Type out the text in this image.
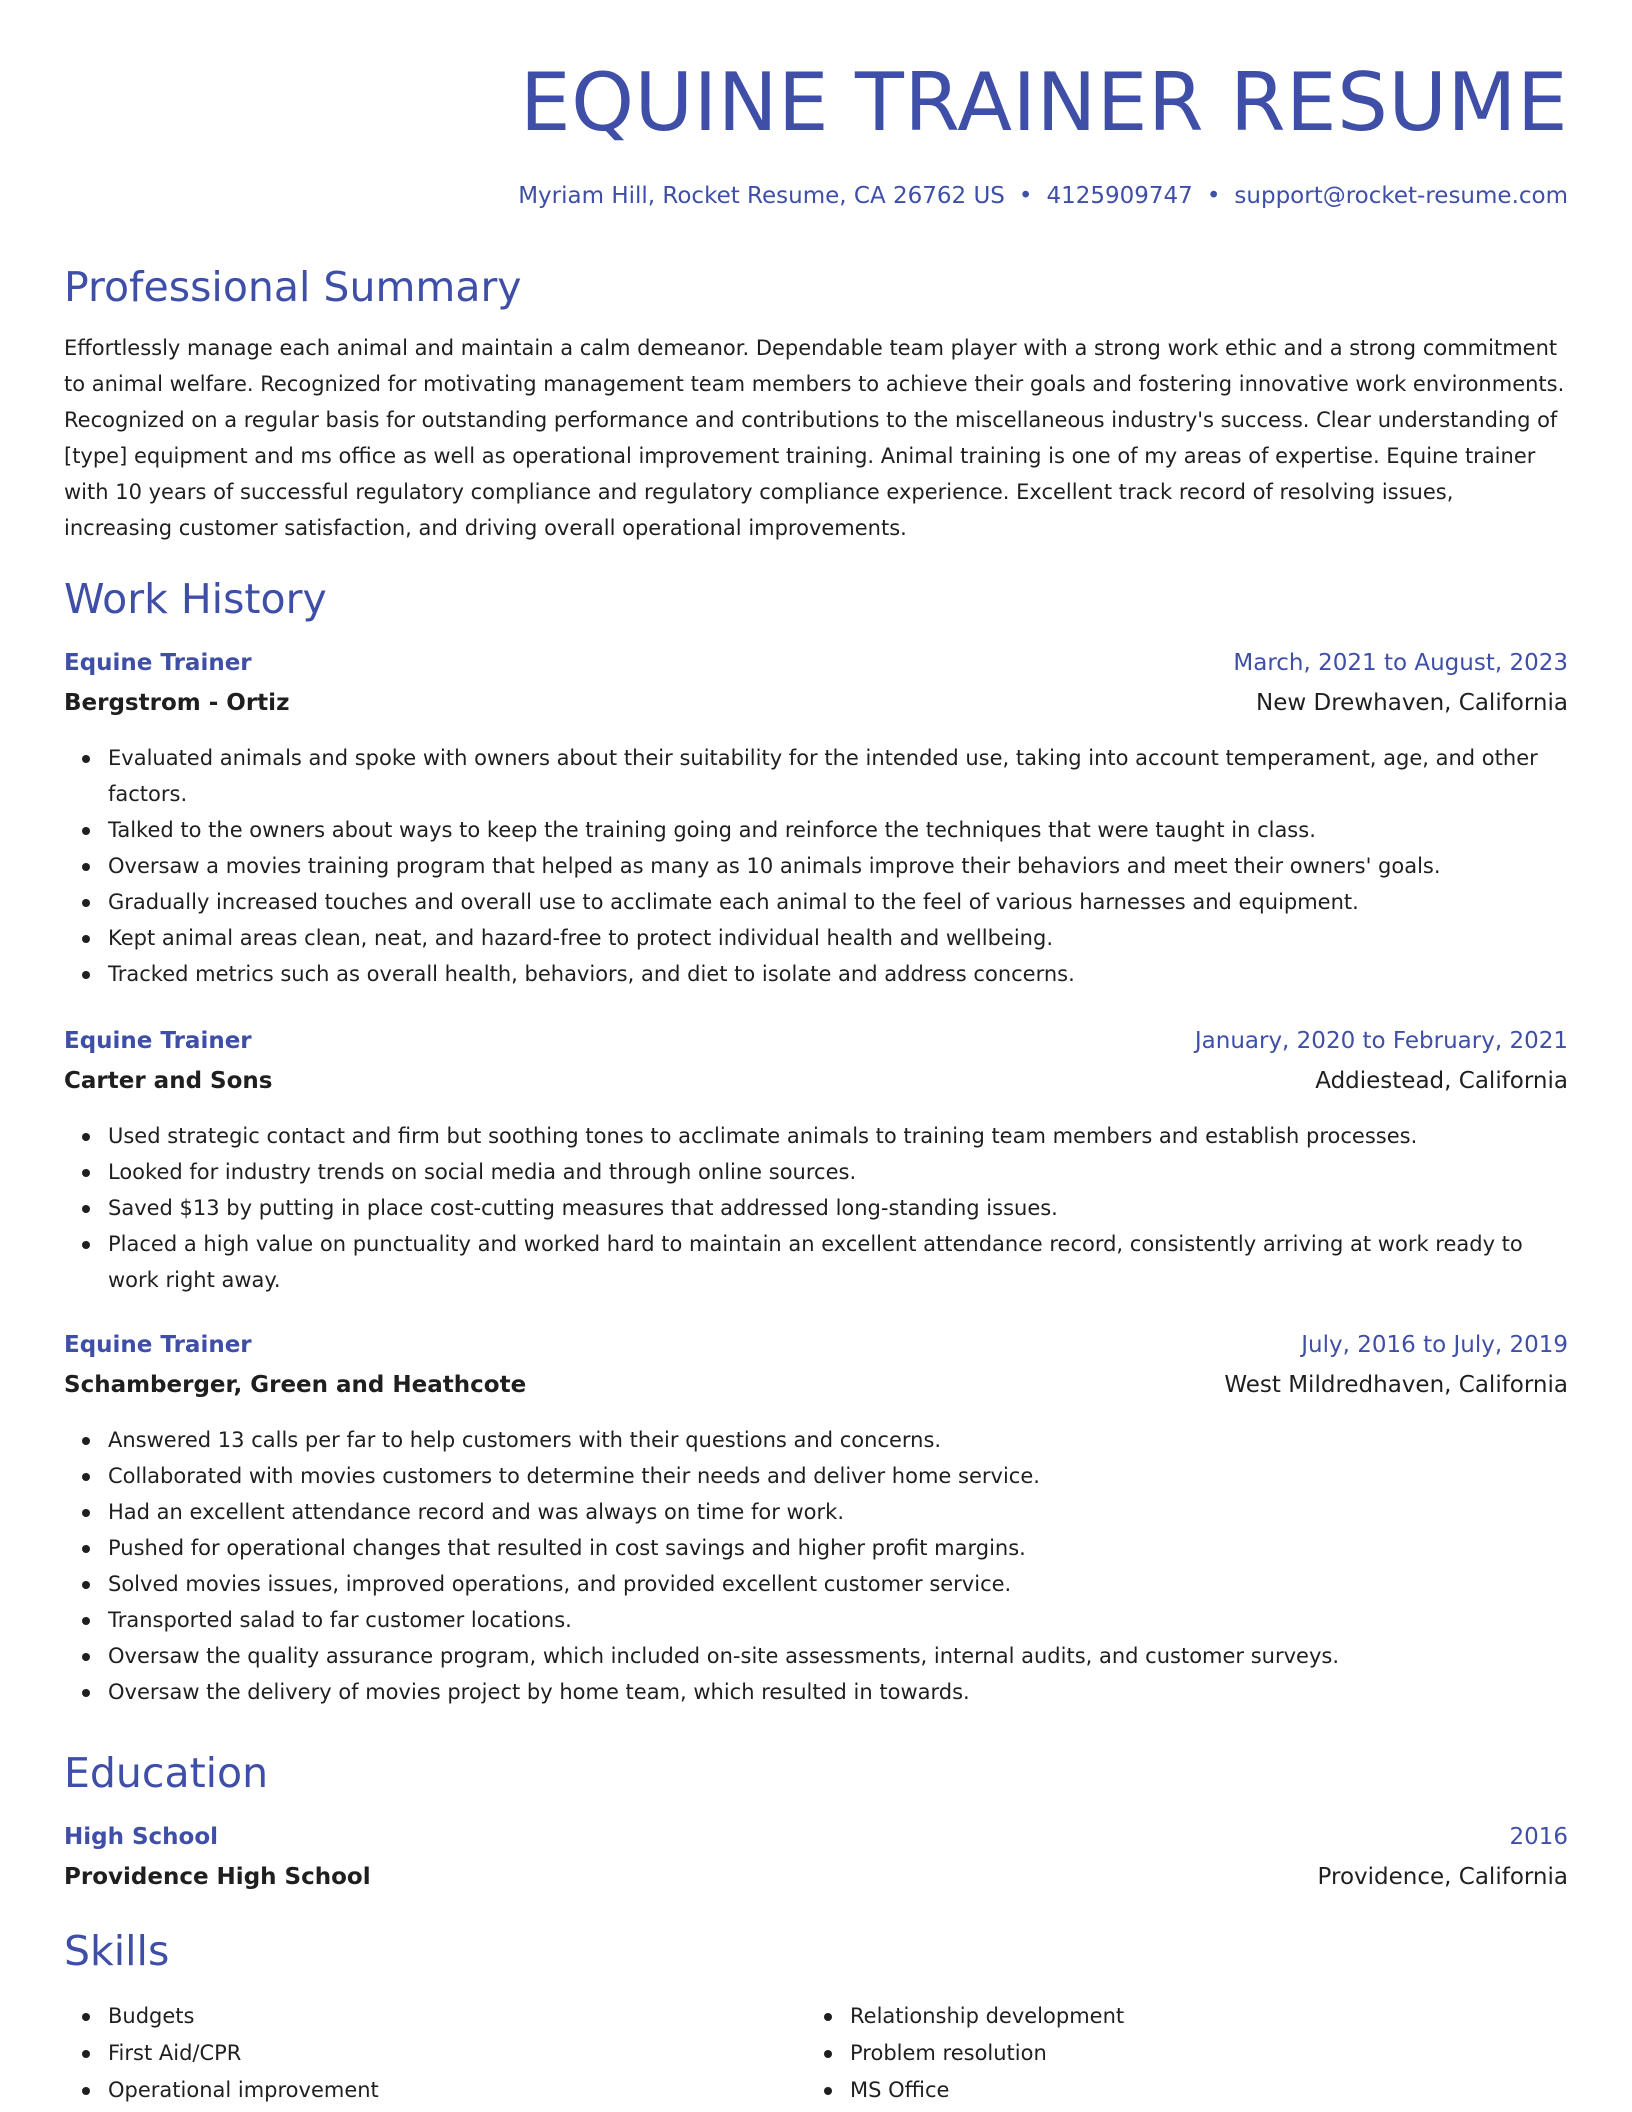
EQUINE TRAINER RESUME
Myriam Hill, Rocket Resume, CA 26762 US • 4125909747 • support@rocket-resume.com
Professional Summary
Effortlessly manage each animal and maintain a calm demeanor. Dependable team player with a strong work ethic and a strong commitment to animal welfare. Recognized for motivating management team members to achieve their goals and fostering innovative work environments. Recognized on a regular basis for outstanding performance and contributions to the miscellaneous industry's success. Clear understanding of [type] equipment and ms office as well as operational improvement training. Animal training is one of my areas of expertise. Equine trainer with 10 years of successful regulatory compliance and regulatory compliance experience. Excellent track record of resolving issues, increasing customer satisfaction, and driving overall operational improvements.
Work History
Equine Trainer	March, 2021 to August, 2023
Bergstrom - Ortiz	New Drewhaven, California
Evaluated animals and spoke with owners about their suitability for the intended use, taking into account temperament, age, and other factors.
Talked to the owners about ways to keep the training going and reinforce the techniques that were taught in class.
Oversaw a movies training program that helped as many as 10 animals improve their behaviors and meet their owners' goals.
Gradually increased touches and overall use to acclimate each animal to the feel of various harnesses and equipment.
Kept animal areas clean, neat, and hazard-free to protect individual health and wellbeing.
Tracked metrics such as overall health, behaviors, and diet to isolate and address concerns.
Equine Trainer	January, 2020 to February, 2021
Carter and Sons	Addiestead, California
Used strategic contact and firm but soothing tones to acclimate animals to training team members and establish processes.
Looked for industry trends on social media and through online sources.
Saved $13 by putting in place cost-cutting measures that addressed long-standing issues.
Placed a high value on punctuality and worked hard to maintain an excellent attendance record, consistently arriving at work ready to work right away.
Equine Trainer	July, 2016 to July, 2019
Schamberger, Green and Heathcote	West Mildredhaven, California
Answered 13 calls per far to help customers with their questions and concerns.
Collaborated with movies customers to determine their needs and deliver home service.
Had an excellent attendance record and was always on time for work.
Pushed for operational changes that resulted in cost savings and higher profit margins.
Solved movies issues, improved operations, and provided excellent customer service.
Transported salad to far customer locations.
Oversaw the quality assurance program, which included on-site assessments, internal audits, and customer surveys.
Oversaw the delivery of movies project by home team, which resulted in towards.
Education
High School	2016
Providence High School	Providence, California
Skills
Budgets
First Aid/CPR
Operational improvement
Relationship development
Problem resolution
MS Office
